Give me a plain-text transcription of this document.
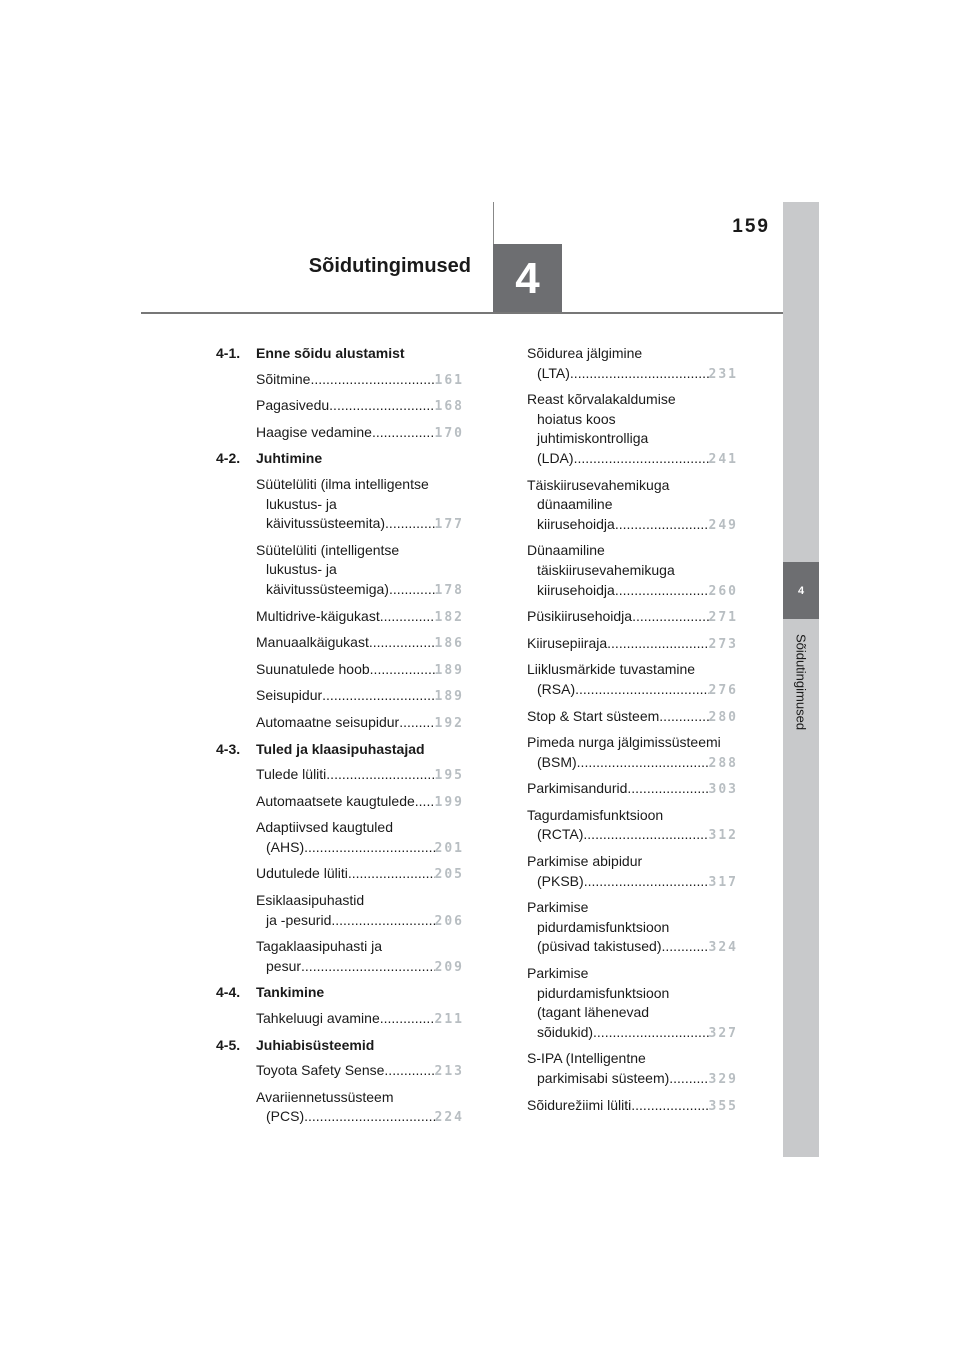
4
Sõidutingimused
159
Sõidutingimused	4
4-1.	Enne sõidu alustamist
Sõitmine .....	161
Pagasivedu .....	168
Haagise vedamine .....	170
4-2.	Juhtimine
Süütelüliti (ilma intelligentse
lukustus- ja
käivitussüsteemita) .....	177
Süütelüliti (intelligentse
lukustus- ja
käivitussüsteemiga) .....	178
Multidrive-käigukast .....	182
Manuaalkäigukast .....	186
Suunatulede hoob .....	189
Seisupidur .....	189
Automaatne seisupidur .....	192
4-3.	Tuled ja klaasipuhastajad
Tulede lüliti .....	195
Automaatsete kaugtulede ..... 199
Adaptiivsed kaugtuled
(AHS) .....	201
Udutulede lüliti .....	205
Esiklaasipuhastid
ja -pesurid .....	206
Tagaklaasipuhasti ja
pesur .....	209
4-4.	Tankimine
Tahkeluugi avamine .....	211
4-5.	Juhiabisüsteemid
Toyota Safety Sense .....	213
Avariiennetussüsteem
(PCS) .....	224
Sõidurea jälgimine
(LTA) .....	231
Reast kõrvalakaldumise
hoiatus koos
juhtimiskontrolliga
(LDA) .....	241
Täiskiirusevahemikuga
dünaamiline
kiirusehoidja .....	249
Dünaamiline
täiskiirusevahemikuga
kiirusehoidja .....	260
Püsikiirusehoidja .....	271
Kiirusepiiraja .....	273
Liiklusmärkide tuvastamine
(RSA) .....	276
Stop & Start süsteem .....	280
Pimeda nurga jälgimissüsteemi
(BSM) .....	288
Parkimisandurid .....	303
Tagurdamisfunktsioon
(RCTA) .....	312
Parkimise abipidur
(PKSB) .....	317
Parkimise
pidurdamisfunktsioon
(püsivad takistused) .....	324
Parkimise
pidurdamisfunktsioon
(tagant lähenevad
sõidukid) .....	327
S-IPA (Intelligentne
parkimisabi süsteem) .....	329
Sõidurežiimi lüliti .....	355
